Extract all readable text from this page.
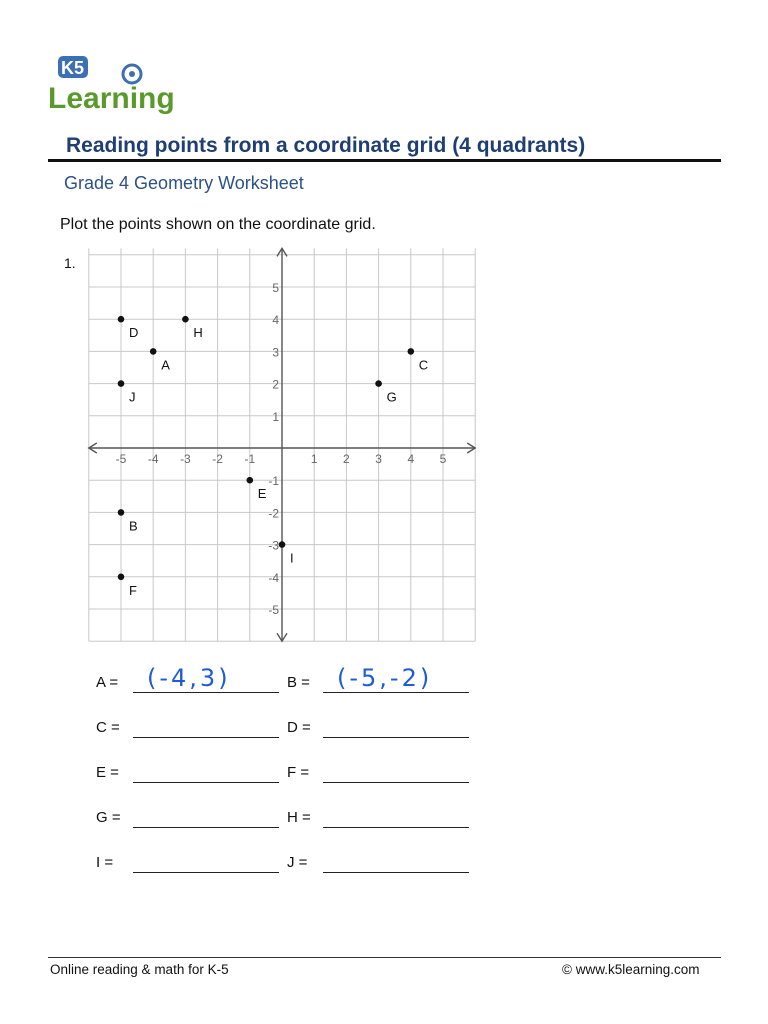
K5
Learning
Reading points from a coordinate grid (4 quadrants)
Grade 4 Geometry Worksheet
Plot the points shown on the coordinate grid.
1.
-5 -4 -3 -2 -1	1 2 3 4 5
5
4
3
2
1
-1
-2
-3
-4
-5
A
B
C
D
E
F
G
H
I
J
A = (-4,3)	B = (-5,-2)
C =	D =
E =	F =
G =	H =
I =	J =
Online reading & math for K-5	© www.k5learning.com
